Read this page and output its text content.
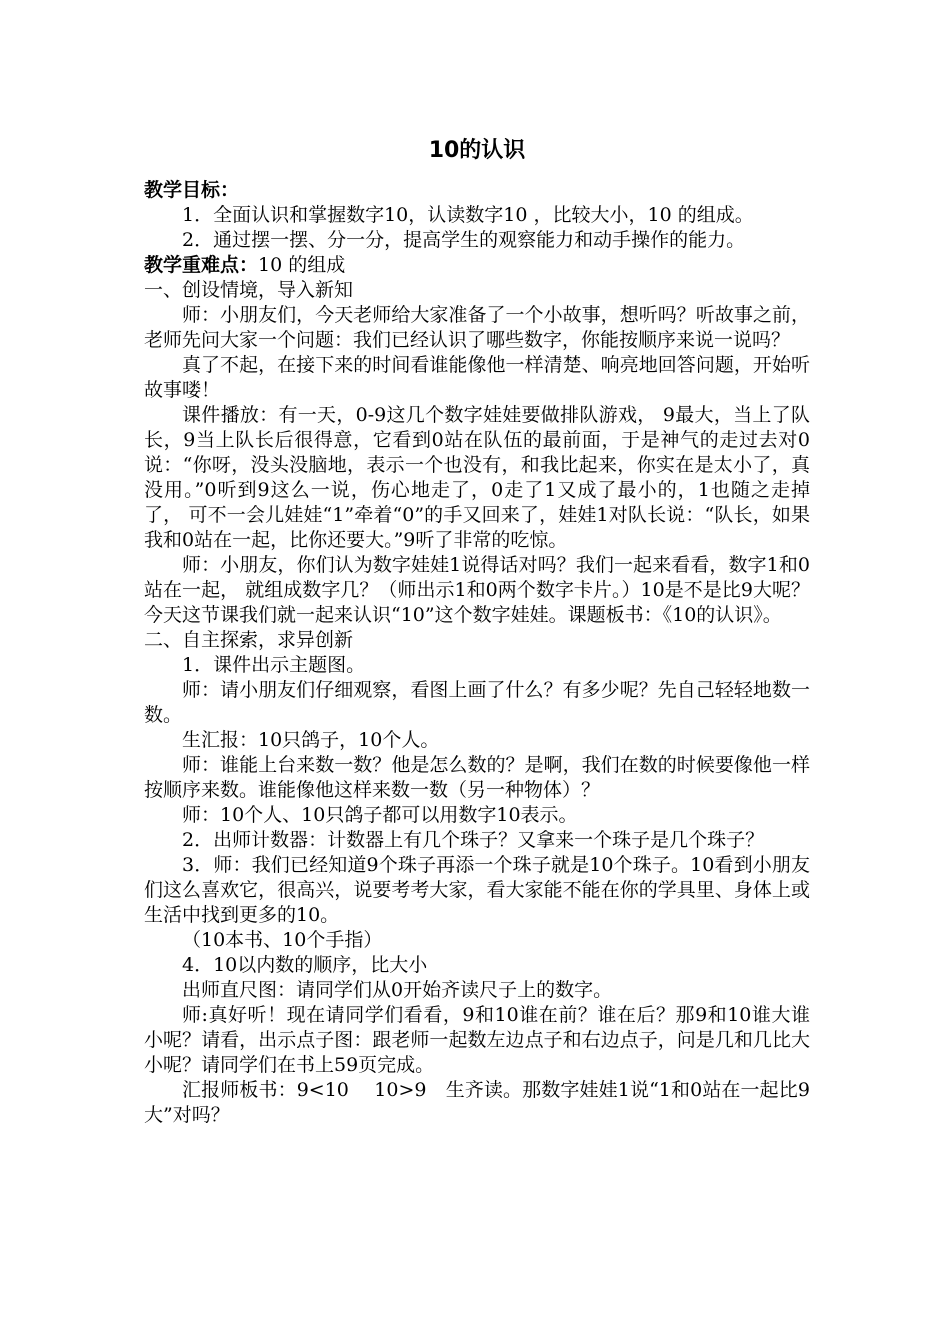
10的认识

教学目标：

1．全面认识和掌握数字10，认读数字10 ，比较大小，10 的组成。

2．通过摆一摆、分一分，提高学生的观察能力和动手操作的能力。

教学重难点：10 的组成

一、创设情境，导入新知

师：小朋友们，今天老师给大家准备了一个小故事，想听吗？听故事之前，老师先问大家一个问题：我们已经认识了哪些数字，你能按顺序来说一说吗？

真了不起，在接下来的时间看谁能像他一样清楚、响亮地回答问题，开始听故事喽！

课件播放：有一天，0-9这几个数字娃娃要做排队游戏， 9最大，当上了队长，9当上队长后很得意，它看到0站在队伍的最前面，于是神气的走过去对0说：“你呀，没头没脑地，表示一个也没有，和我比起来，你实在是太小了，真没用。”0听到9这么一说，伤心地走了，0走了1又成了最小的，1也随之走掉了， 可不一会儿娃娃“1”牵着“0”的手又回来了，娃娃1对队长说：“队长，如果我和0站在一起，比你还要大。”9听了非常的吃惊。

师：小朋友，你们认为数字娃娃1说得话对吗？我们一起来看看，数字1和0站在一起， 就组成数字几？（师出示1和0两个数字卡片。）10是不是比9大呢？今天这节课我们就一起来认识“10”这个数字娃娃。课题板书：《10的认识》。

二、自主探索，求异创新

1．课件出示主题图。

师：请小朋友们仔细观察，看图上画了什么？有多少呢？先自己轻轻地数一数。

生汇报：10只鸽子，10个人。

师：谁能上台来数一数？他是怎么数的？是啊，我们在数的时候要像他一样按顺序来数。谁能像他这样来数一数（另一种物体）？

师：10个人、10只鸽子都可以用数字10表示。

2．出师计数器：计数器上有几个珠子？又拿来一个珠子是几个珠子？

3．师：我们已经知道9个珠子再添一个珠子就是10个珠子。10看到小朋友们这么喜欢它，很高兴，说要考考大家，看大家能不能在你的学具里、身体上或生活中找到更多的10。

（10本书、10个手指）

4．10以内数的顺序，比大小

出师直尺图：请同学们从0开始齐读尺子上的数字。

师:真好听！现在请同学们看看，9和10谁在前？谁在后？那9和10谁大谁小呢？请看，出示点子图：跟老师一起数左边点子和右边点子，问是几和几比大小呢？请同学们在书上59页完成。

汇报师板书：9<10　 10>9　生齐读。那数字娃娃1说“1和0站在一起比9大”对吗？
